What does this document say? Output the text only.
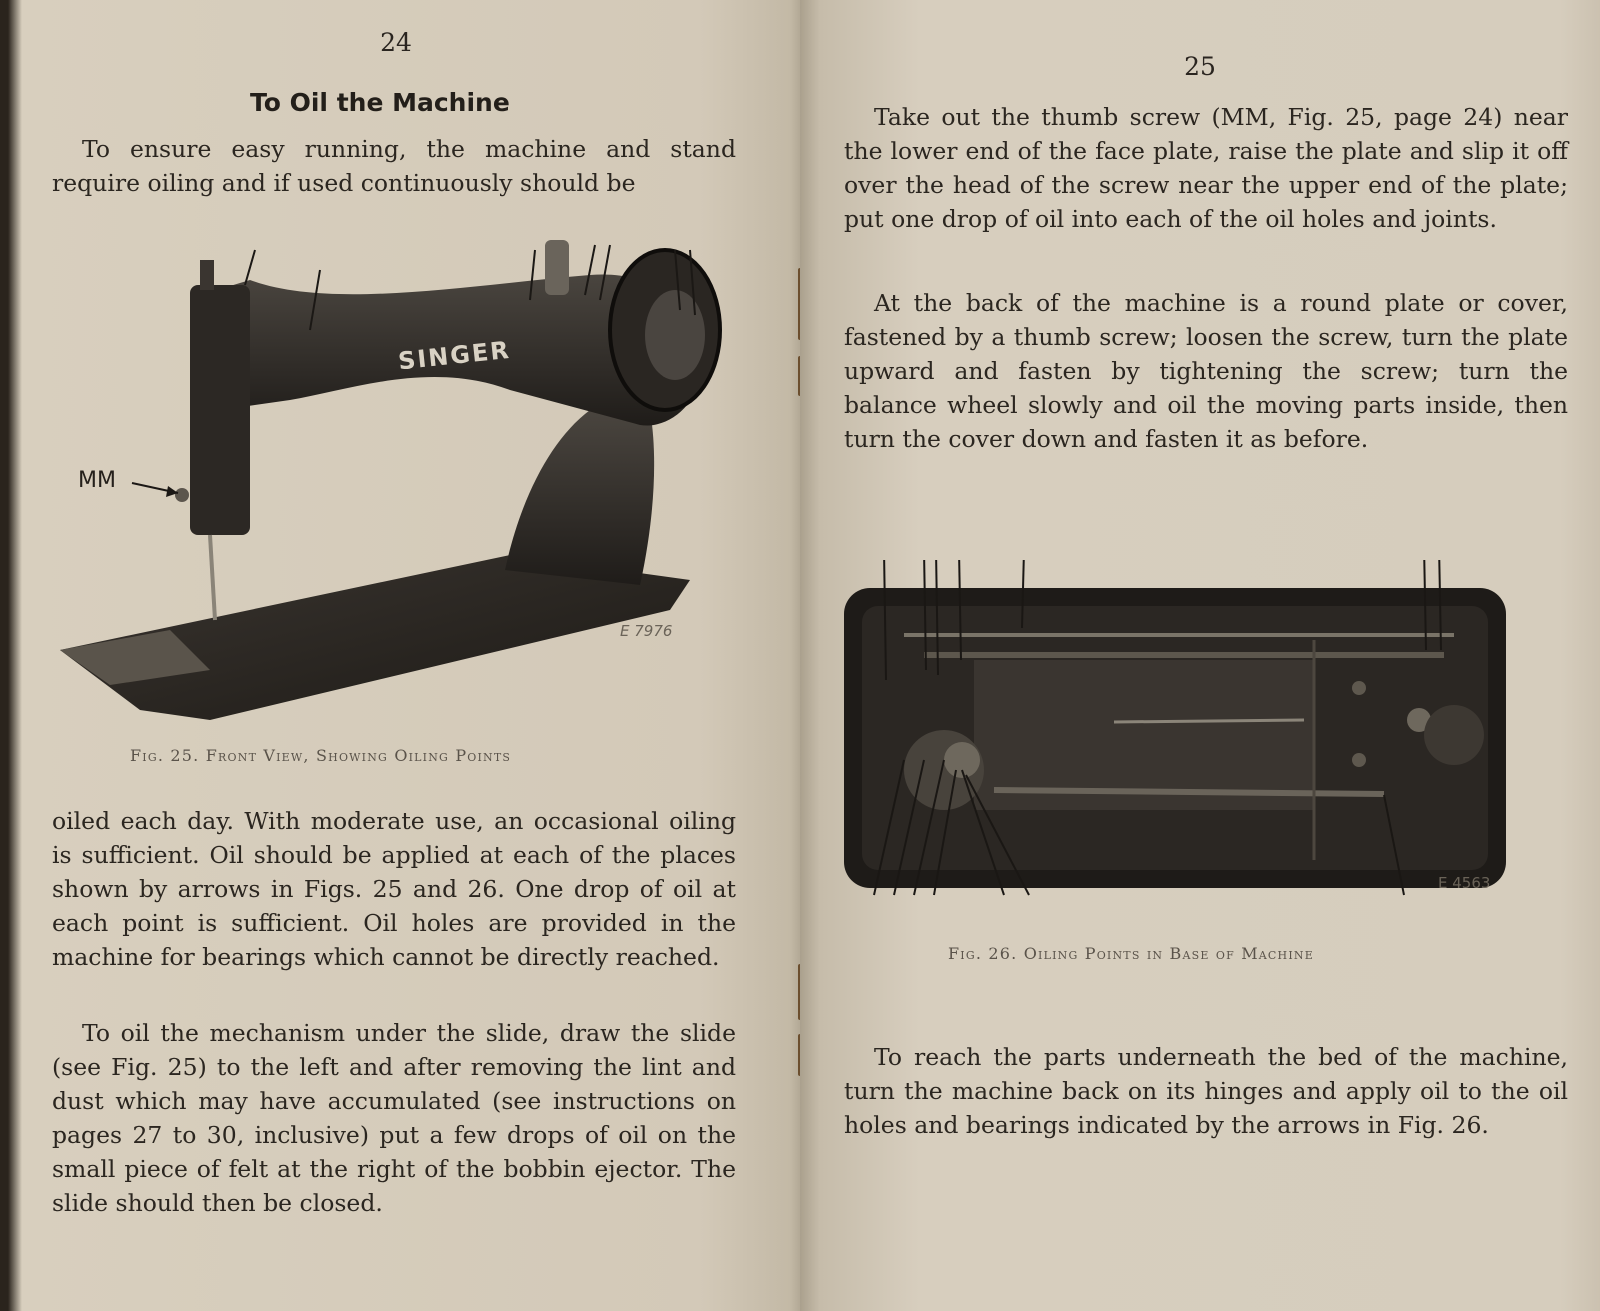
24
To Oil the Machine

To ensure easy running, the machine and stand require oiling and if used continuously should be

SINGER
MM
E 7976
Fig. 25. Front View, Showing Oiling Points

oiled each day. With moderate use, an occasional oiling is sufficient. Oil should be applied at each of the places shown by arrows in Figs. 25 and 26. One drop of oil at each point is sufficient. Oil holes are provided in the machine for bearings which cannot be directly reached.

To oil the mechanism under the slide, draw the slide (see Fig. 25) to the left and after removing the lint and dust which may have accumulated (see instructions on pages 27 to 30, inclusive) put a few drops of oil on the small piece of felt at the right of the bobbin ejector. The slide should then be closed.

25

Take out the thumb screw (MM, Fig. 25, page 24) near the lower end of the face plate, raise the plate and slip it off over the head of the screw near the upper end of the plate; put one drop of oil into each of the oil holes and joints.

At the back of the machine is a round plate or cover, fastened by a thumb screw; loosen the screw, turn the plate upward and fasten by tightening the screw; turn the balance wheel slowly and oil the moving parts inside, then turn the cover down and fasten it as before.

E 4563
Fig. 26. Oiling Points in Base of Machine

To reach the parts underneath the bed of the machine, turn the machine back on its hinges and apply oil to the oil holes and bearings indicated by the arrows in Fig. 26.
